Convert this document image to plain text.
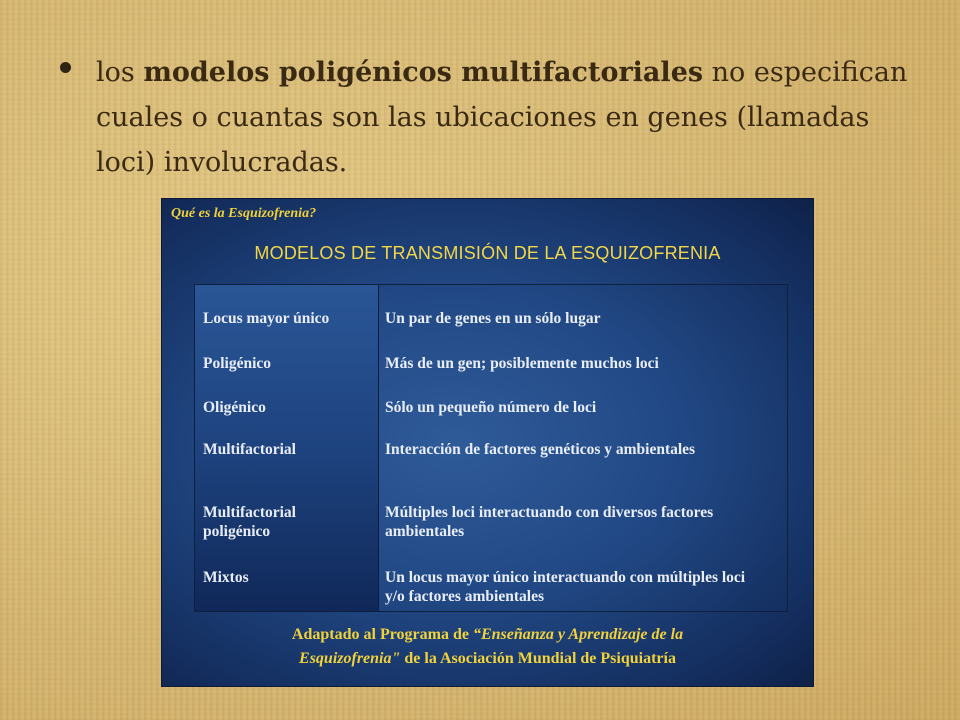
los modelos poligénicos multifactoriales no especifican cuales o cuantas son las ubicaciones en genes (llamadas loci) involucradas.
Qué es la Esquizofrenia?
MODELOS DE TRANSMISIÓN DE LA ESQUIZOFRENIA
Locus mayor único
Poligénico
Oligénico
Multifactorial
Multifactorial poligénico
Mixtos
Un par de genes en un sólo lugar
Más de un gen; posiblemente muchos loci
Sólo un pequeño número de loci
Interacción de factores genéticos y ambientales
Múltiples loci interactuando con diversos factores ambientales
Un locus mayor único interactuando con múltiples loci y/o factores ambientales
Adaptado al Programa de “Enseñanza y Aprendizaje de la
Esquizofrenia" de la Asociación Mundial de Psiquiatría
